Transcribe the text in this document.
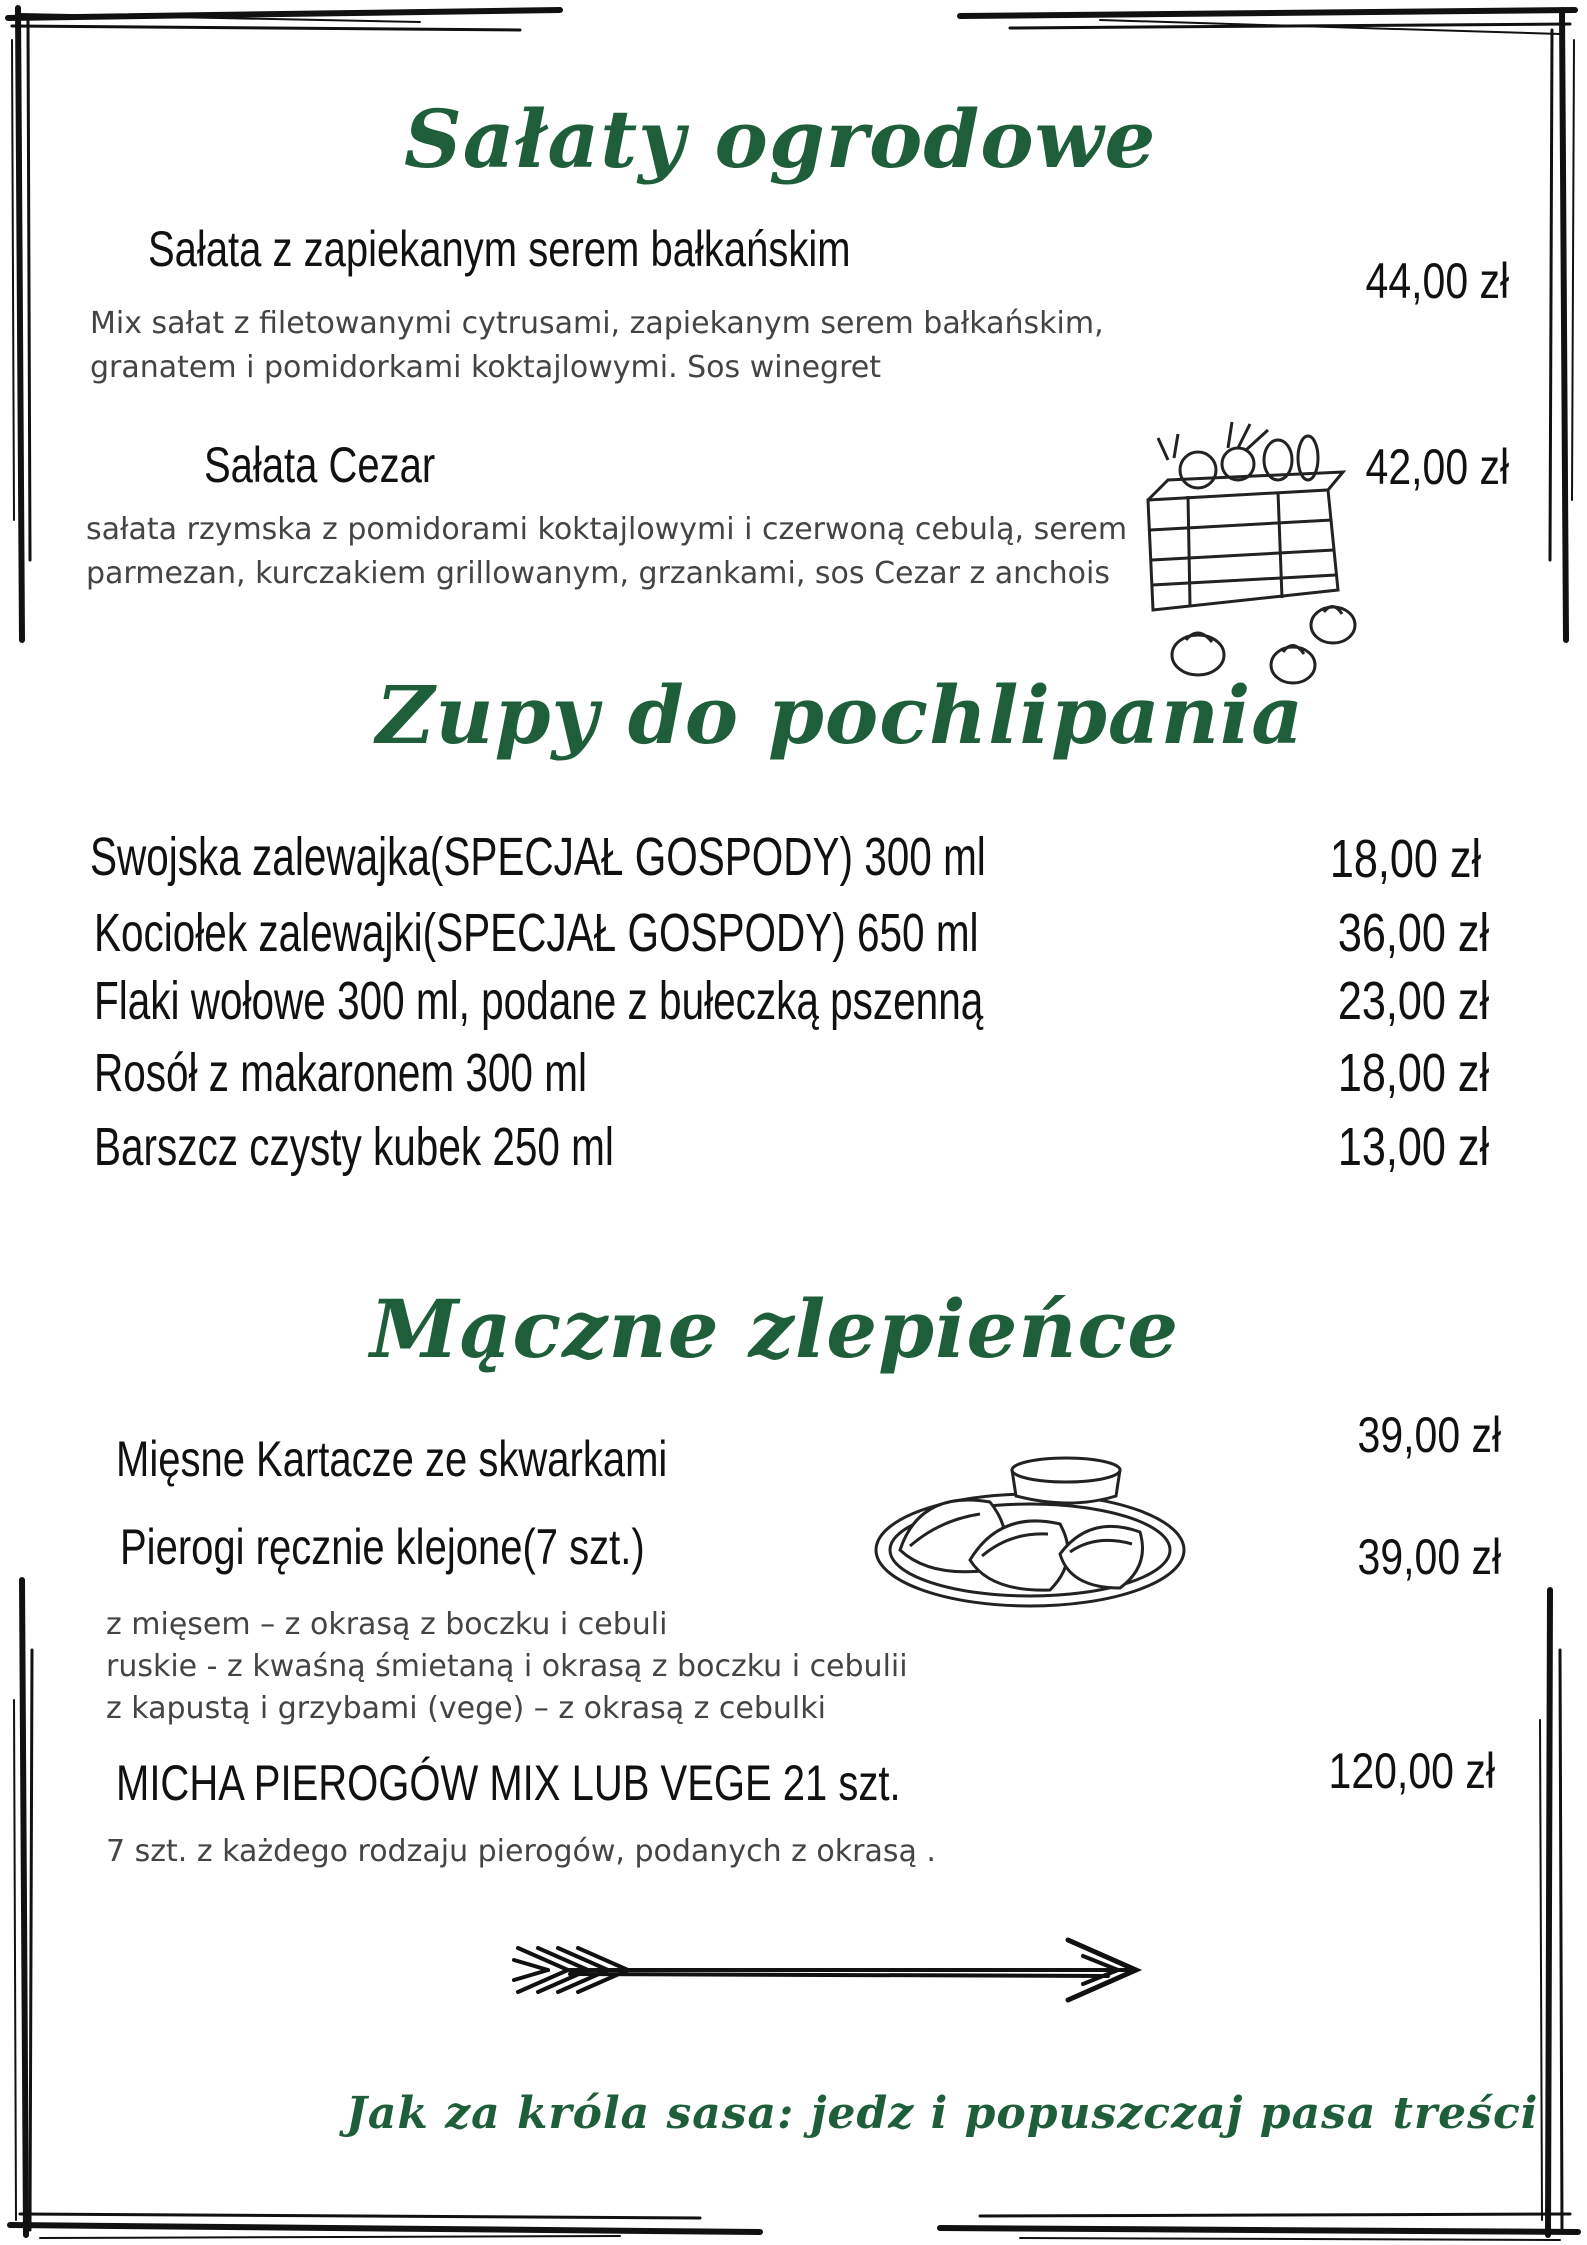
Sałaty ogrodowe
Sałata z zapiekanym serem bałkańskim
44,00 zł
Mix sałat z filetowanymi cytrusami, zapiekanym serem bałkańskim,
granatem i pomidorkami koktajlowymi. Sos winegret
Sałata Cezar	42,00 zł
sałata rzymska z pomidorami koktajlowymi i czerwoną cebulą, serem
parmezan, kurczakiem grillowanym, grzankami, sos Cezar z anchois
Zupy do pochlipania
Swojska zalewajka(SPECJAŁ GOSPODY) 300 ml	18,00 zł
Kociołek zalewajki(SPECJAŁ GOSPODY) 650 ml	36,00 zł
Flaki wołowe 300 ml, podane z bułeczką pszenną	23,00 zł
Rosół z makaronem 300 ml	18,00 zł
Barszcz czysty kubek 250 ml	13,00 zł
Mączne zlepieńce
Mięsne Kartacze ze skwarkami	39,00 zł
Pierogi ręcznie klejone(7 szt.)	39,00 zł
z mięsem – z okrasą z boczku i cebuli
ruskie - z kwaśną śmietaną i okrasą z boczku i cebulii
z kapustą i grzybami (vege) – z okrasą z cebulki
MICHA PIEROGÓW MIX LUB VEGE 21 szt.	120,00 zł
7 szt. z każdego rodzaju pierogów, podanych z okrasą .
Jak za króla sasa: jedz i popuszczaj pasa treści
